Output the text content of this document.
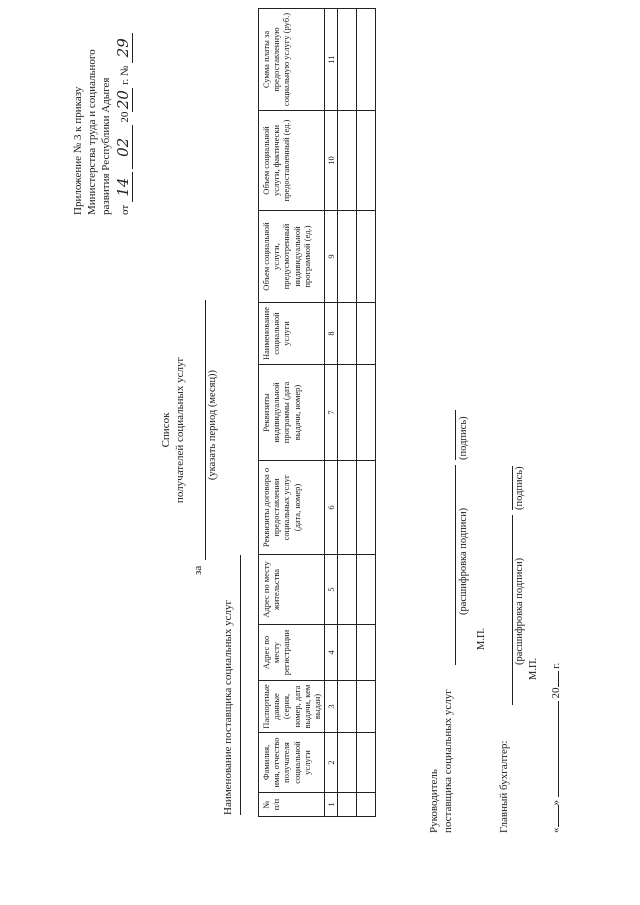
Приложение № 3 к приказу Министерства труда и социального развития Республики Адыгея от 14 02 2020 г. № 29
Список получателей социальных услуг
за
(указать период (месяц))
Наименование поставщика социальных услуг	№ п/п	Фамилия, имя, отчество получателя социальной услуги	Паспортные данные (серия, номер, дата выдачи, кем выдан)	Адрес по месту регистрации	Адрес по месту жительства	Реквизиты договора о предоставлении социальных услуг (дата, номер)	Реквизиты индивидуальной программы (дата выдачи, номер)	Наименование социальной услуги	Объем социальной услуги, предусмотренный индивидуальной программой (ед.)	Объем социальной услуги, фактически предоставленный (ед.)	Сумма платы за предоставленную социальную услугу (руб.)
1	2	3	4	5	6	7	8	9	10	11

Руководитель поставщика социальных услуг
(расшифровка подписи)
(подпись)
М.П.
Главный бухгалтер:
(расшифровка подписи)
(подпись)
М.П.
«»  20 г.
